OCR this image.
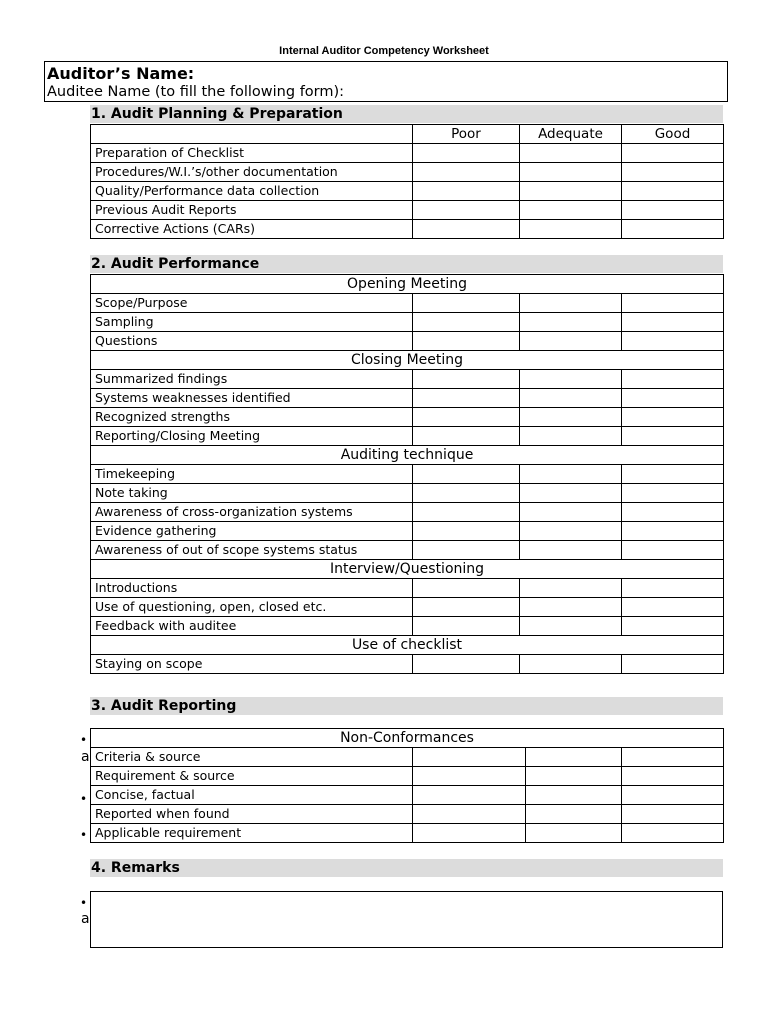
Internal Auditor Competency Worksheet
Auditor’s Name:
Auditee Name (to fill the following form):
1. Audit Planning & Preparation
	Poor	Adequate	Good
Preparation of Checklist			
Procedures/W.I.’s/other documentation			
Quality/Performance data collection			
Previous Audit Reports			
Corrective Actions (CARs)			
2. Audit Performance
Opening Meeting			
Scope/Purpose			
Sampling			
Questions			
Closing Meeting			
Summarized findings			
Systems weaknesses identified			
Recognized strengths			
Reporting/Closing Meeting			
Auditing technique			
Timekeeping			
Note taking			
Awareness of cross-organization systems			
Evidence gathering			
Awareness of out of scope systems status			
Interview/Questioning			
Introductions			
Use of questioning, open, closed etc.			
Feedback with auditee			
Use of checklist			
Staying on scope			
3. Audit Reporting
Non-Conformances			
Criteria & source			
Requirement & source			
Concise, factual			
Reported when found			
Applicable requirement			
•
a
•
•
4. Remarks
•
a
